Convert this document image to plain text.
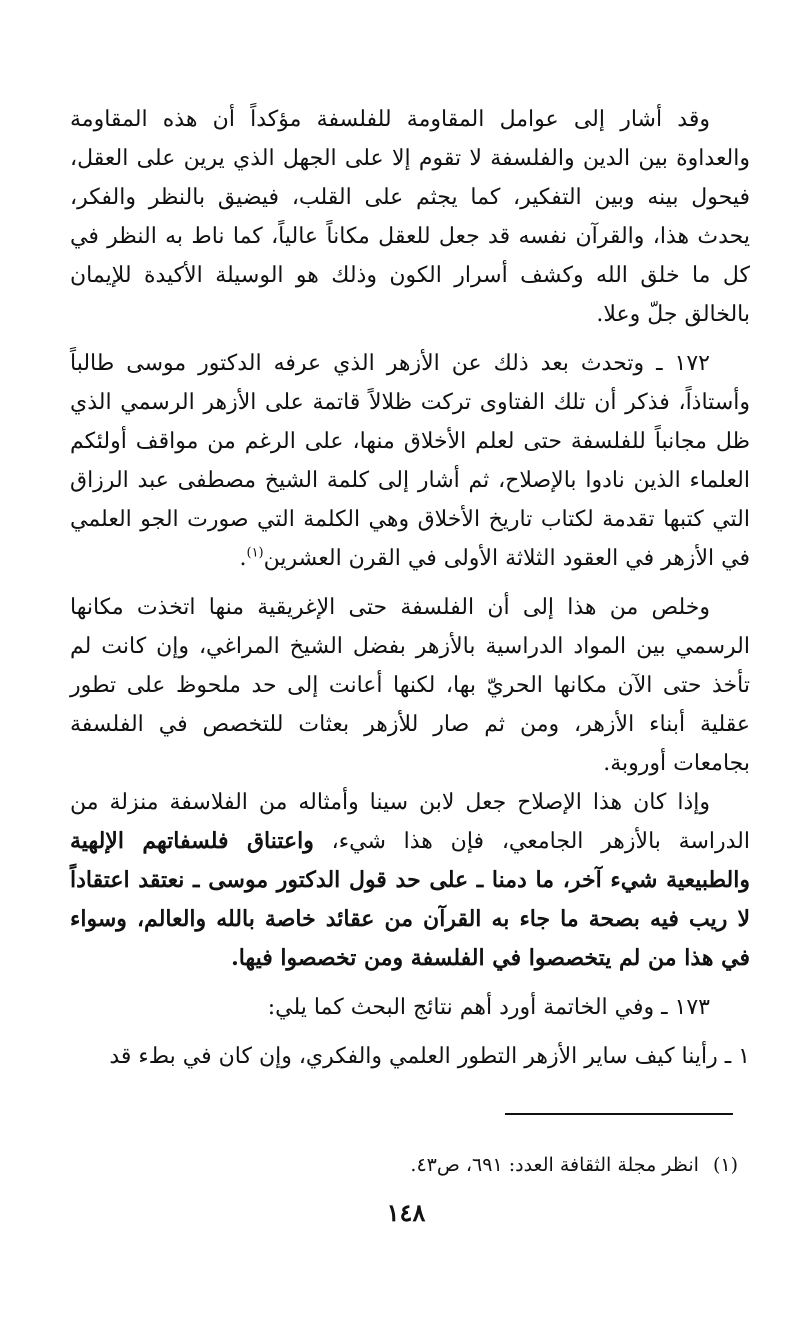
وقد أشار إلى عوامل المقاومة للفلسفة مؤكداً أن هذه المقاومة والعداوة بين الدين والفلسفة لا تقوم إلا على الجهل الذي يرين على العقل، فيحول بينه وبين التفكير، كما يجثم على القلب، فيضيق بالنظر والفكر، يحدث هذا، والقرآن نفسه قد جعل للعقل مكاناً عالياً، كما ناط به النظر في كل ما خلق الله وكشف أسرار الكون وذلك هو الوسيلة الأكيدة للإيمان بالخالق جلّ وعلا.

١٧٢ ـ وتحدث بعد ذلك عن الأزهر الذي عرفه الدكتور موسى طالباً وأستاذاً، فذكر أن تلك الفتاوى تركت ظلالاً قاتمة على الأزهر الرسمي الذي ظل مجانباً للفلسفة حتى لعلم الأخلاق منها، على الرغم من مواقف أولئكم العلماء الذين نادوا بالإصلاح، ثم أشار إلى كلمة الشيخ مصطفى عبد الرزاق التي كتبها تقدمة لكتاب تاريخ الأخلاق وهي الكلمة التي صورت الجو العلمي في الأزهر في العقود الثلاثة الأولى في القرن العشرين$^{(١)}$.

وخلص من هذا إلى أن الفلسفة حتى الإغريقية منها اتخذت مكانها الرسمي بين المواد الدراسية بالأزهر بفضل الشيخ المراغي، وإن كانت لم تأخذ حتى الآن مكانها الحريّ بها، لكنها أعانت إلى حد ملحوظ على تطور عقلية أبناء الأزهر، ومن ثم صار للأزهر بعثات للتخصص في الفلسفة بجامعات أوروبة.

وإذا كان هذا الإصلاح جعل لابن سينا وأمثاله من الفلاسفة منزلة من الدراسة بالأزهر الجامعي، فإن هذا شيء، واعتناق فلسفاتهم الإلهية والطبيعية شيء آخر، ما دمنا ـ على حد قول الدكتور موسى ـ نعتقد اعتقاداً لا ريب فيه بصحة ما جاء به القرآن من عقائد خاصة بالله والعالم، وسواء في هذا من لم يتخصصوا في الفلسفة ومن تخصصوا فيها.

١٧٣ ـ وفي الخاتمة أورد أهم نتائج البحث كما يلي:

١ ـ رأينا كيف ساير الأزهر التطور العلمي والفكري، وإن كان في بطء قد

(١)انظر مجلة الثقافة العدد: ٦٩١، ص٤٣.
١٤٨
